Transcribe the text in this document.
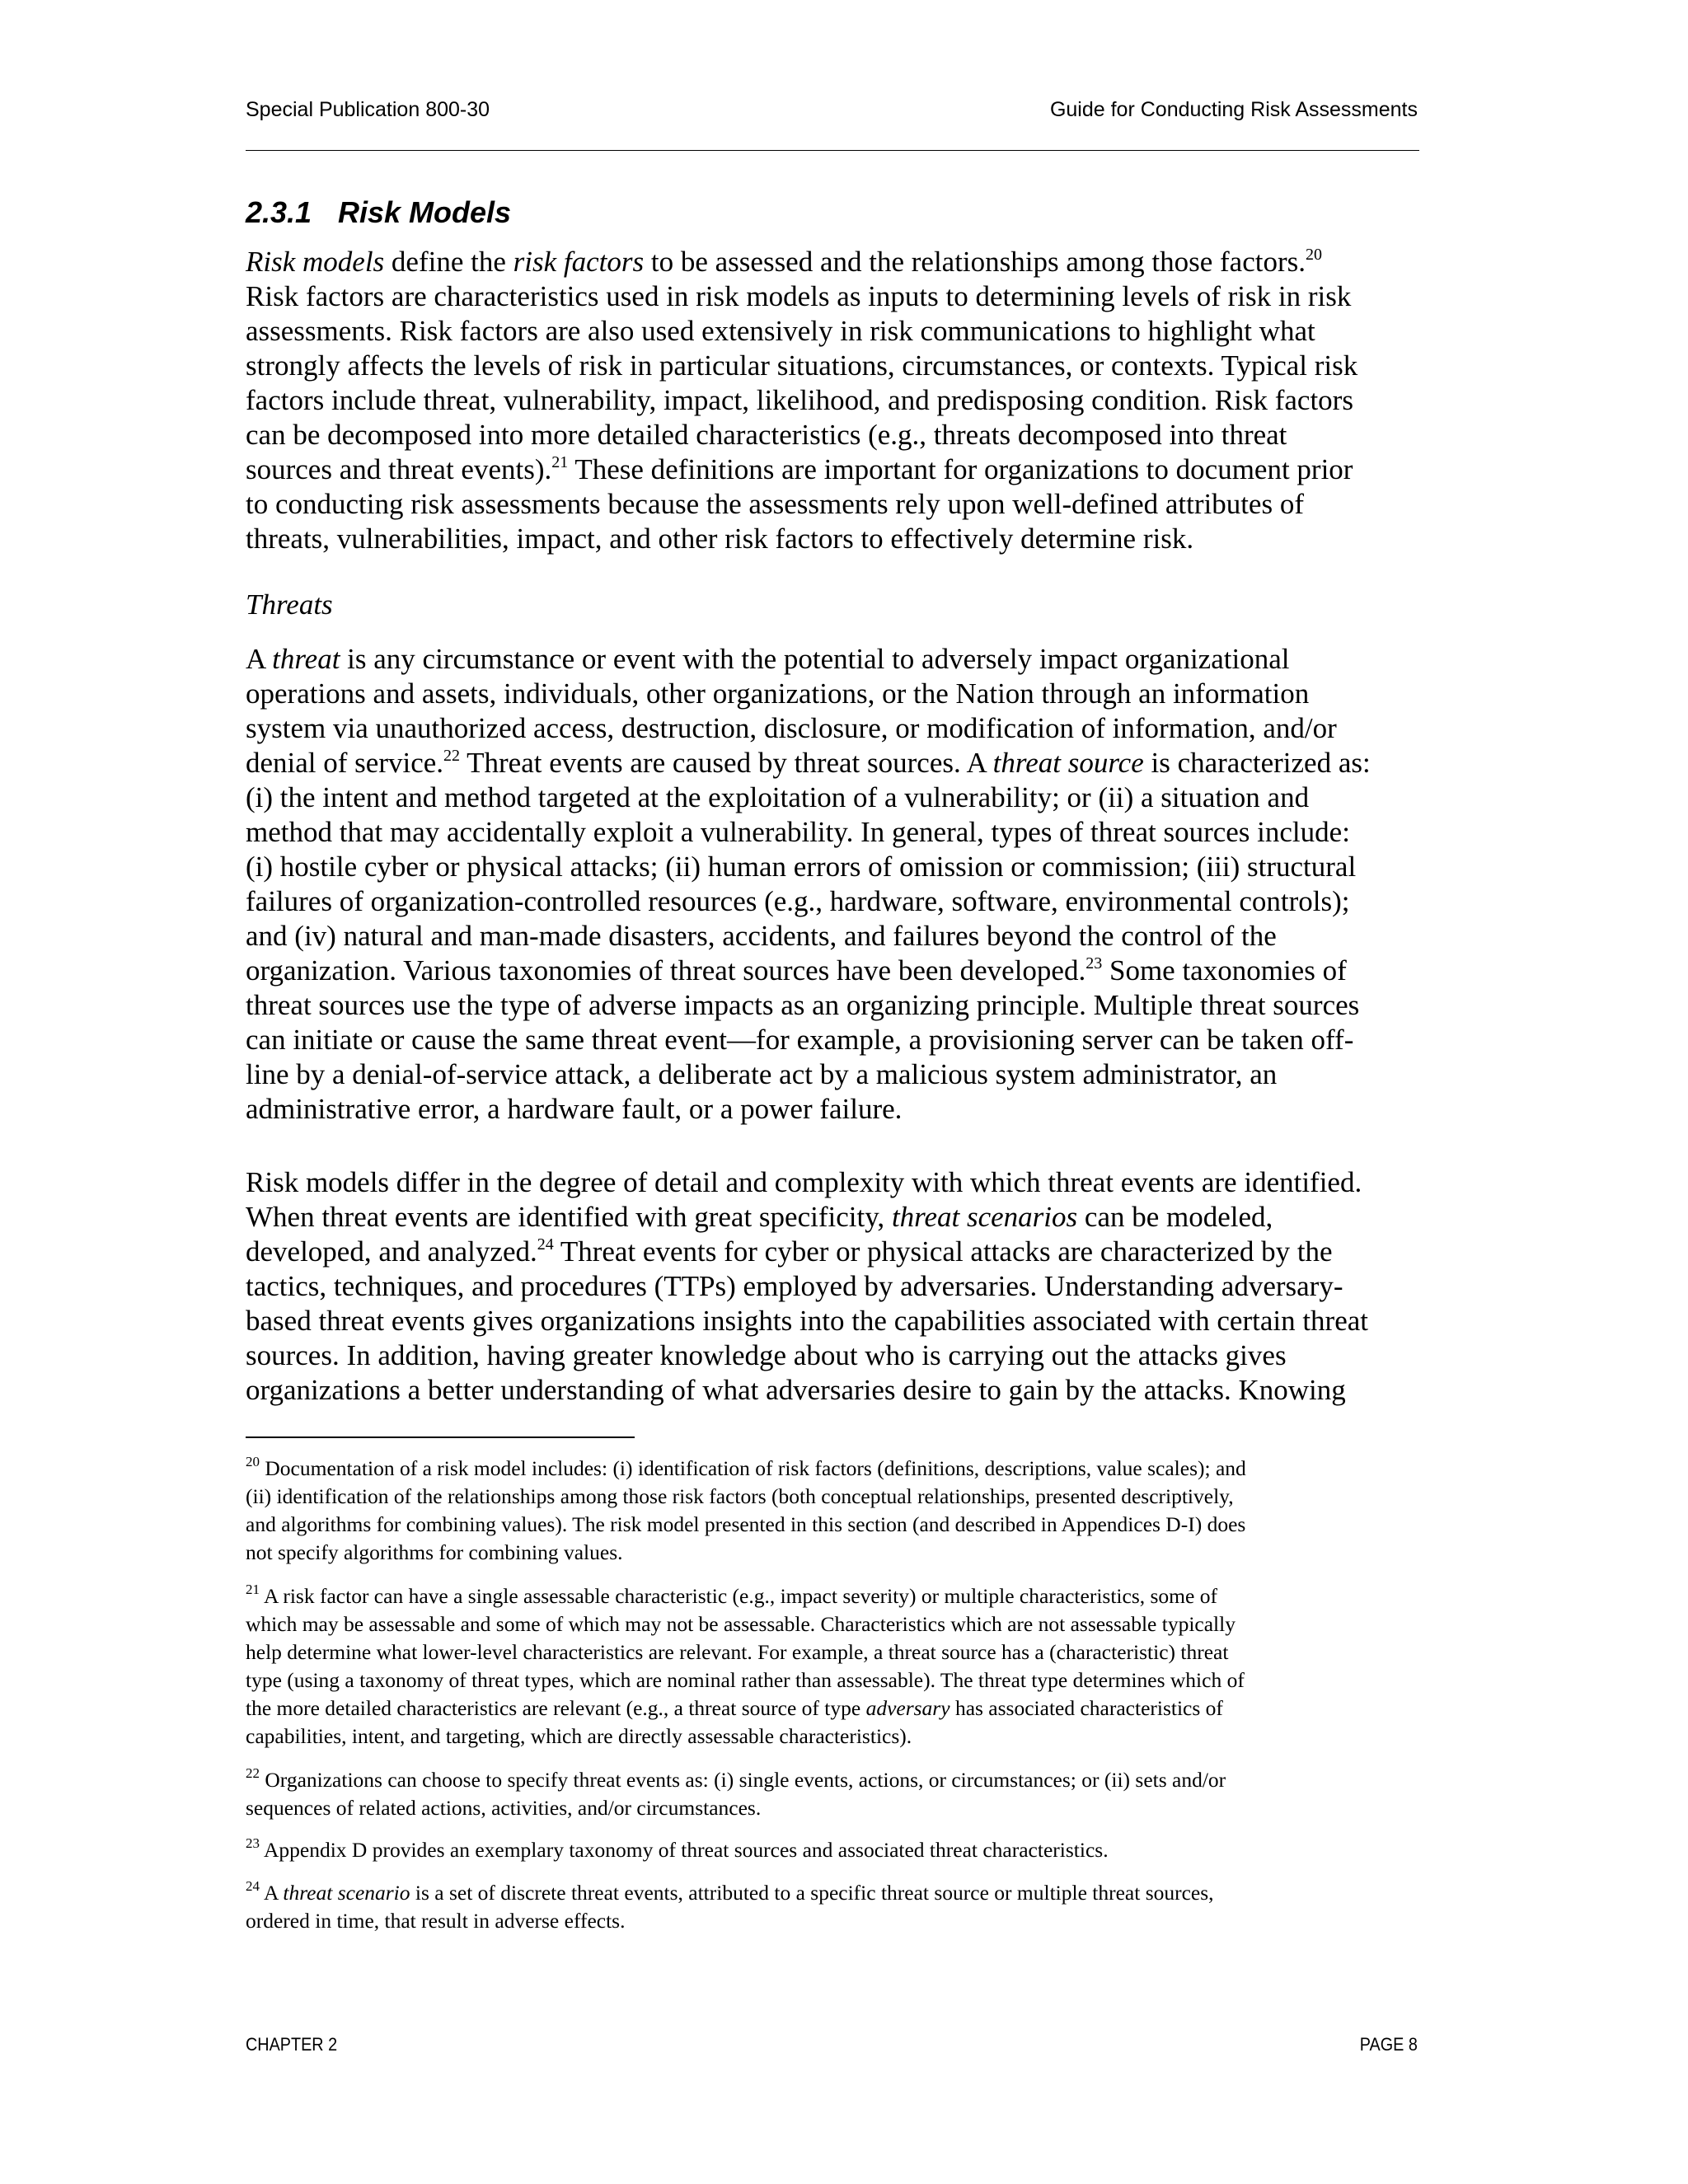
Special Publication 800-30	Guide for Conducting Risk Assessments
2.3.1 Risk Models
Risk models define the risk factors to be assessed and the relationships among those factors.$^{20}$
Risk factors are characteristics used in risk models as inputs to determining levels of risk in risk
assessments. Risk factors are also used extensively in risk communications to highlight what
strongly affects the levels of risk in particular situations, circumstances, or contexts. Typical risk
factors include threat, vulnerability, impact, likelihood, and predisposing condition. Risk factors
can be decomposed into more detailed characteristics (e.g., threats decomposed into threat
sources and threat events).$^{21}$ These definitions are important for organizations to document prior
to conducting risk assessments because the assessments rely upon well-defined attributes of
threats, vulnerabilities, impact, and other risk factors to effectively determine risk.
Threats
A threat is any circumstance or event with the potential to adversely impact organizational
operations and assets, individuals, other organizations, or the Nation through an information
system via unauthorized access, destruction, disclosure, or modification of information, and/or
denial of service.$^{22}$ Threat events are caused by threat sources. A threat source is characterized as:
(i) the intent and method targeted at the exploitation of a vulnerability; or (ii) a situation and
method that may accidentally exploit a vulnerability. In general, types of threat sources include:
(i) hostile cyber or physical attacks; (ii) human errors of omission or commission; (iii) structural
failures of organization-controlled resources (e.g., hardware, software, environmental controls);
and (iv) natural and man-made disasters, accidents, and failures beyond the control of the
organization. Various taxonomies of threat sources have been developed.$^{23}$ Some taxonomies of
threat sources use the type of adverse impacts as an organizing principle. Multiple threat sources
can initiate or cause the same threat event—for example, a provisioning server can be taken off-
line by a denial-of-service attack, a deliberate act by a malicious system administrator, an
administrative error, a hardware fault, or a power failure.
Risk models differ in the degree of detail and complexity with which threat events are identified.
When threat events are identified with great specificity, threat scenarios can be modeled,
developed, and analyzed.$^{24}$ Threat events for cyber or physical attacks are characterized by the
tactics, techniques, and procedures (TTPs) employed by adversaries. Understanding adversary-
based threat events gives organizations insights into the capabilities associated with certain threat
sources. In addition, having greater knowledge about who is carrying out the attacks gives
organizations a better understanding of what adversaries desire to gain by the attacks. Knowing
$^{20}$ Documentation of a risk model includes: (i) identification of risk factors (definitions, descriptions, value scales); and
(ii) identification of the relationships among those risk factors (both conceptual relationships, presented descriptively,
and algorithms for combining values). The risk model presented in this section (and described in Appendices D-I) does
not specify algorithms for combining values.
$^{21}$ A risk factor can have a single assessable characteristic (e.g., impact severity) or multiple characteristics, some of
which may be assessable and some of which may not be assessable. Characteristics which are not assessable typically
help determine what lower-level characteristics are relevant. For example, a threat source has a (characteristic) threat
type (using a taxonomy of threat types, which are nominal rather than assessable). The threat type determines which of
the more detailed characteristics are relevant (e.g., a threat source of type adversary has associated characteristics of
capabilities, intent, and targeting, which are directly assessable characteristics).
$^{22}$ Organizations can choose to specify threat events as: (i) single events, actions, or circumstances; or (ii) sets and/or
sequences of related actions, activities, and/or circumstances.
$^{23}$ Appendix D provides an exemplary taxonomy of threat sources and associated threat characteristics.
$^{24}$ A threat scenario is a set of discrete threat events, attributed to a specific threat source or multiple threat sources,
ordered in time, that result in adverse effects.
CHAPTER 2	PAGE 8
